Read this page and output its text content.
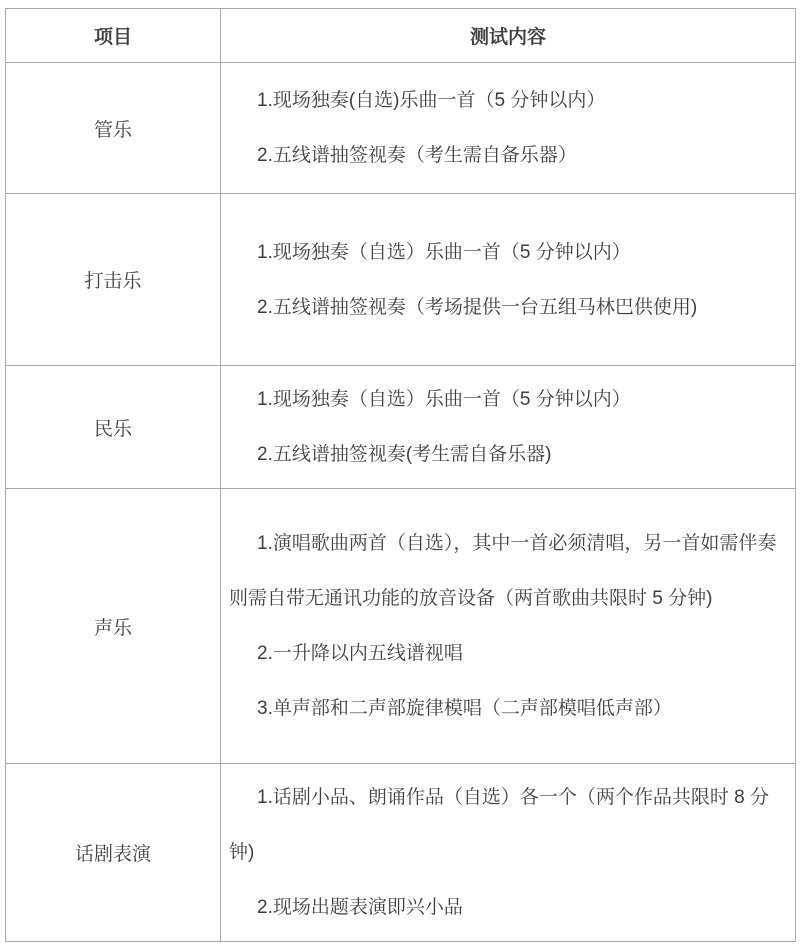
项目	测试内容
管乐	1.现场独奏(自选)乐曲一首（5 分钟以内）

2.五线谱抽签视奏（考生需自备乐器）

打击乐	1.现场独奏（自选）乐曲一首（5 分钟以内）

2.五线谱抽签视奏（考场提供一台五组马林巴供使用)

民乐	1.现场独奏（自选）乐曲一首（5 分钟以内）

2.五线谱抽签视奏(考生需自备乐器)

声乐	1.演唱歌曲两首（自选），其中一首必须清唱，另一首如需伴奏则需自带无通讯功能的放音设备（两首歌曲共限时 5 分钟)

2.一升降以内五线谱视唱

3.单声部和二声部旋律模唱（二声部模唱低声部）

话剧表演	1.话剧小品、朗诵作品（自选）各一个（两个作品共限时 8 分钟)

2.现场出题表演即兴小品
